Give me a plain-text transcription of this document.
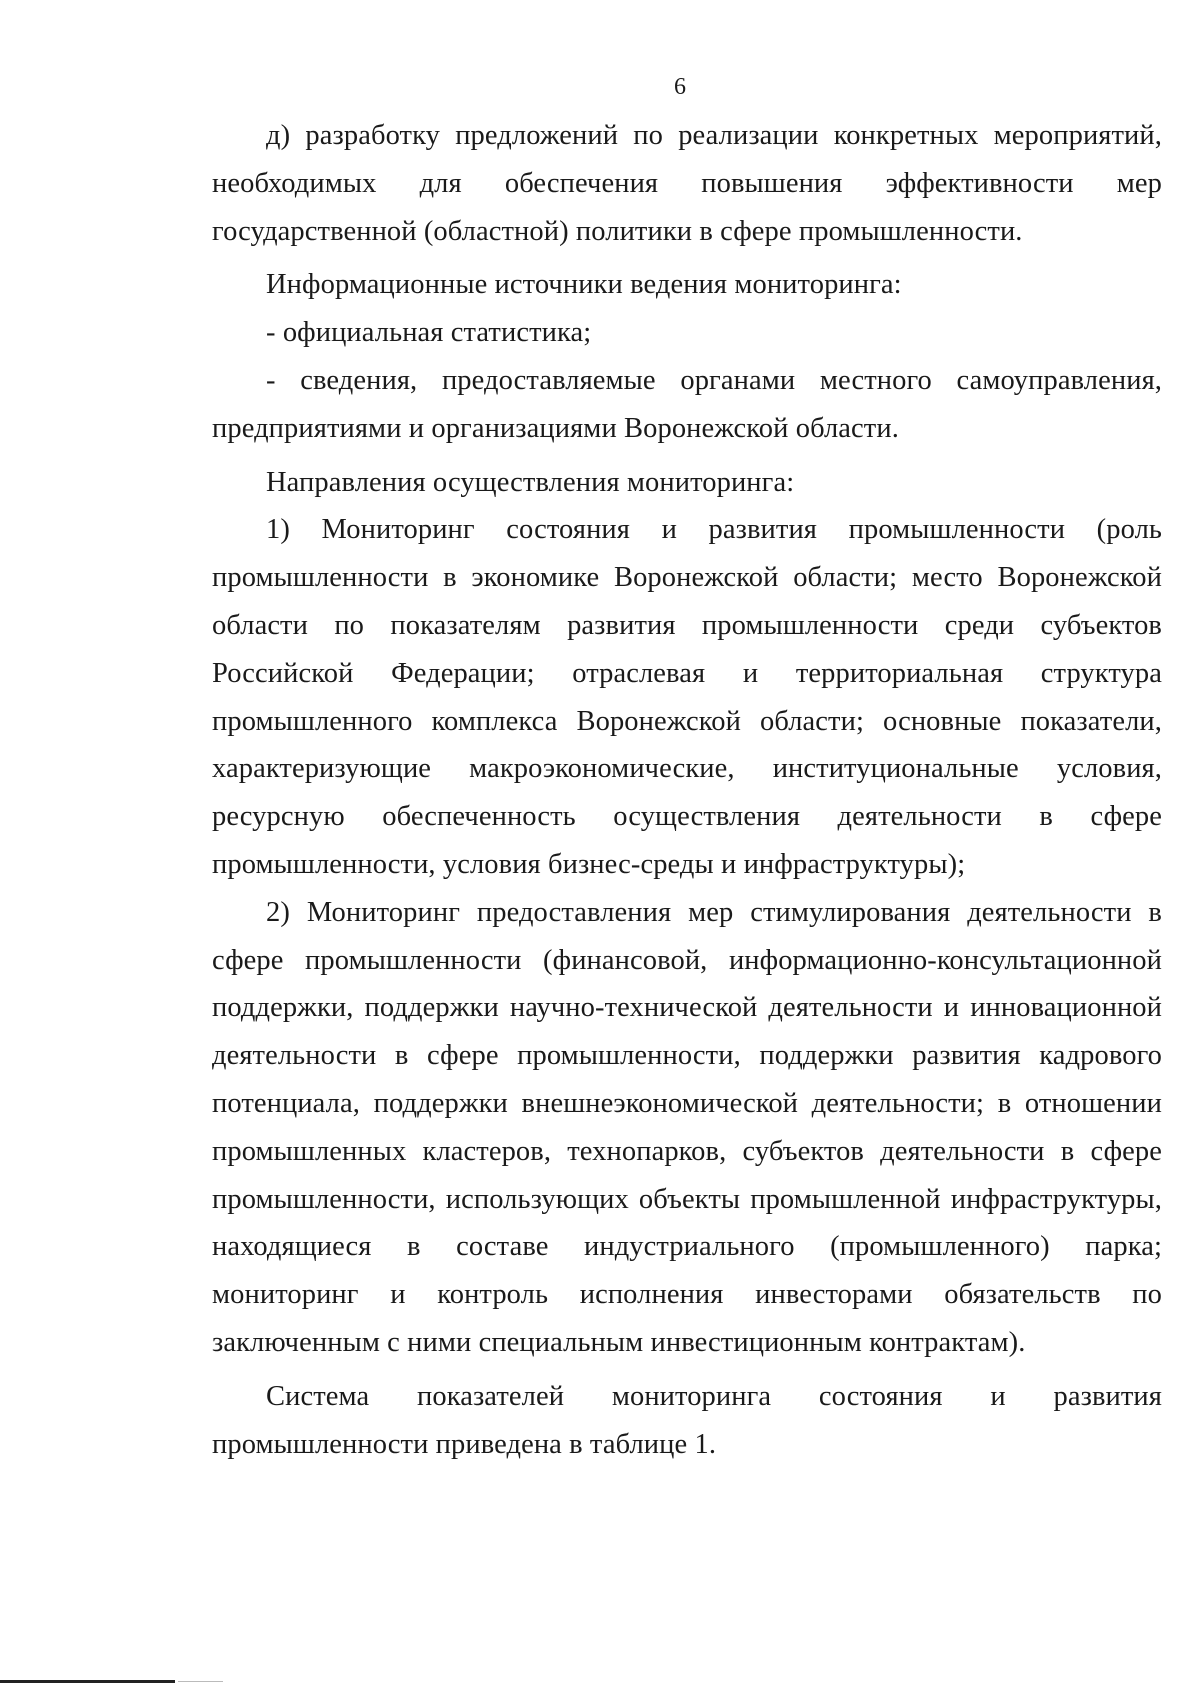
6

д) разработку предложений по реализации конкретных мероприятий, необходимых для обеспечения повышения эффективности мер государственной (областной) политики в сфере промышленности.

Информационные источники ведения мониторинга:

- официальная статистика;

- сведения, предоставляемые органами местного самоуправления, предприятиями и организациями Воронежской области.

Направления осуществления мониторинга:

1) Мониторинг состояния и развития промышленности (роль промышленности в экономике Воронежской области; место Воронежской области по показателям развития промышленности среди субъектов Российской Федерации; отраслевая и территориальная структура промышленного комплекса Воронежской области; основные показатели, характеризующие макроэкономические, институциональные условия, ресурсную обеспеченность осуществления деятельности в сфере промышленности, условия бизнес-среды и инфраструктуры);

2) Мониторинг предоставления мер стимулирования деятельности в сфере промышленности (финансовой, информационно-консультационной поддержки, поддержки научно-технической деятельности и инновационной деятельности в сфере промышленности, поддержки развития кадрового потенциала, поддержки внешнеэкономической деятельности; в отношении промышленных кластеров, технопарков, субъектов деятельности в сфере промышленности, использующих объекты промышленной инфраструктуры, находящиеся в составе индустриального (промышленного) парка; мониторинг и контроль исполнения инвесторами обязательств по заключенным с ними специальным инвестиционным контрактам).

Система показателей мониторинга состояния и развития промышленности приведена в таблице 1.
